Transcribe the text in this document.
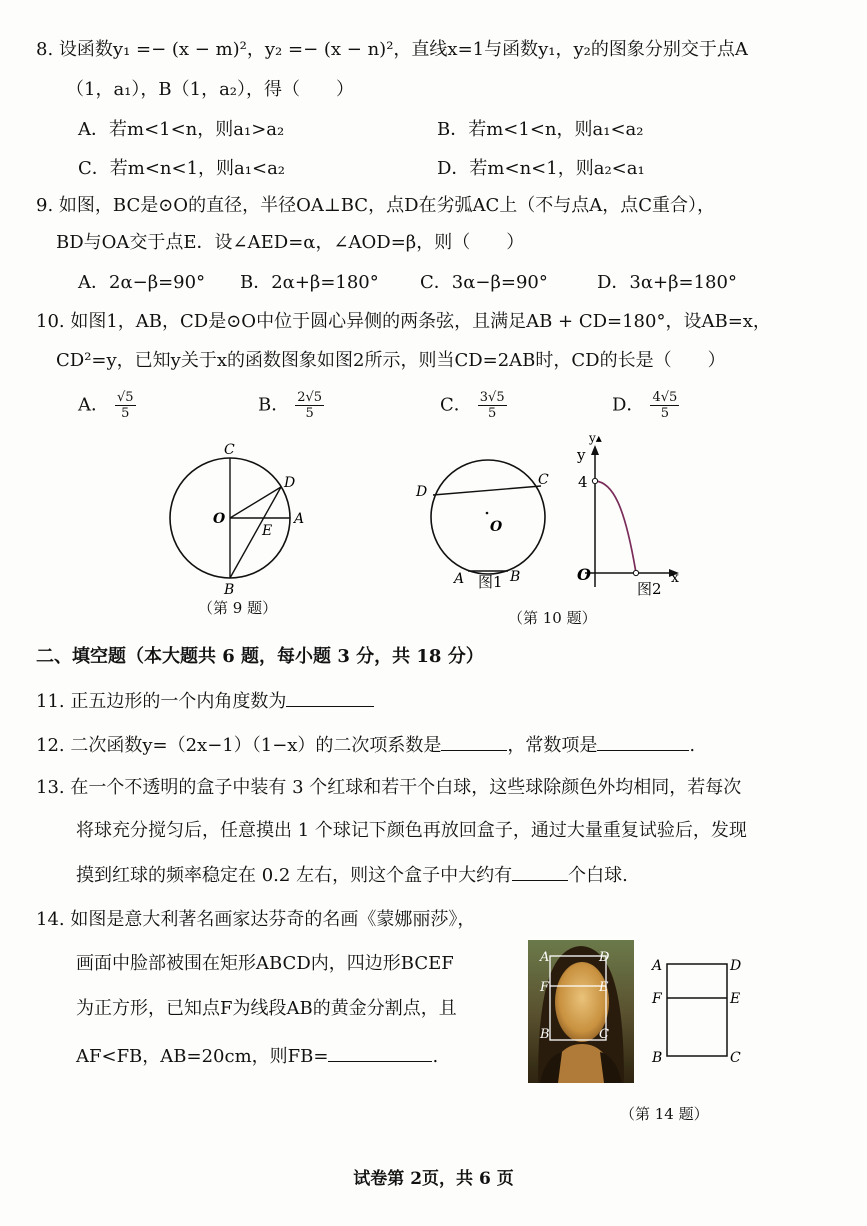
8. 设函数y₁ =− (x − m)²，y₂ =− (x − n)²，直线x=1与函数y₁，y₂的图象分别交于点A
（1，a₁），B（1，a₂），得（　　）
A．若m<1<n，则a₁>a₂	B．若m<1<n，则a₁<a₂
C．若m<n<1，则a₁<a₂	D．若m<n<1，则a₂<a₁
9. 如图，BC是⊙O的直径，半径OA⊥BC，点D在劣弧AC上（不与点A，点C重合），
BD与OA交于点E．设∠AED=α，∠AOD=β，则（　　）
A．2α−β=90° B．2α+β=180° C．3α−β=90°	D．3α+β=180°
10. 如图1，AB，CD是⊙O中位于圆心异侧的两条弦，且满足AB + CD=180°，设AB=x，
CD²=y，已知y关于x的函数图象如图2所示，则当CD=2AB时，CD的长是（　　）
A． $\frac{√5}{5}$	B． $\frac{2√5}{5}$	C． $\frac{3√5}{5}$	D． $\frac{4√5}{5}$
C
D
O	A
E
B
（第 9 题）
D
C
O
A	B
图1
y▴
y
4
O	x
图2
（第 10 题）
二、填空题（本大题共 6 题，每小题 3 分，共 18 分）
11. 正五边形的一个内角度数为
12. 二次函数y=（2x−1）（1−x）的二次项系数是	，常数项是	.
13. 在一个不透明的盒子中装有 3 个红球和若干个白球，这些球除颜色外均相同，若每次
将球充分搅匀后，任意摸出 1 个球记下颜色再放回盒子，通过大量重复试验后，发现
摸到红球的频率稳定在 0.2 左右，则这个盒子中大约有	个白球.
14. 如图是意大利著名画家达芬奇的名画《蒙娜丽莎》，
画面中脸部被围在矩形ABCD内，四边形BCEF
为正方形，已知点F为线段AB的黄金分割点，且
AF<FB，AB=20cm，则FB=	.
A	D
F	E
B	C
A	D
F	E
B	C
（第 14 题）
试卷第 2页，共 6 页
